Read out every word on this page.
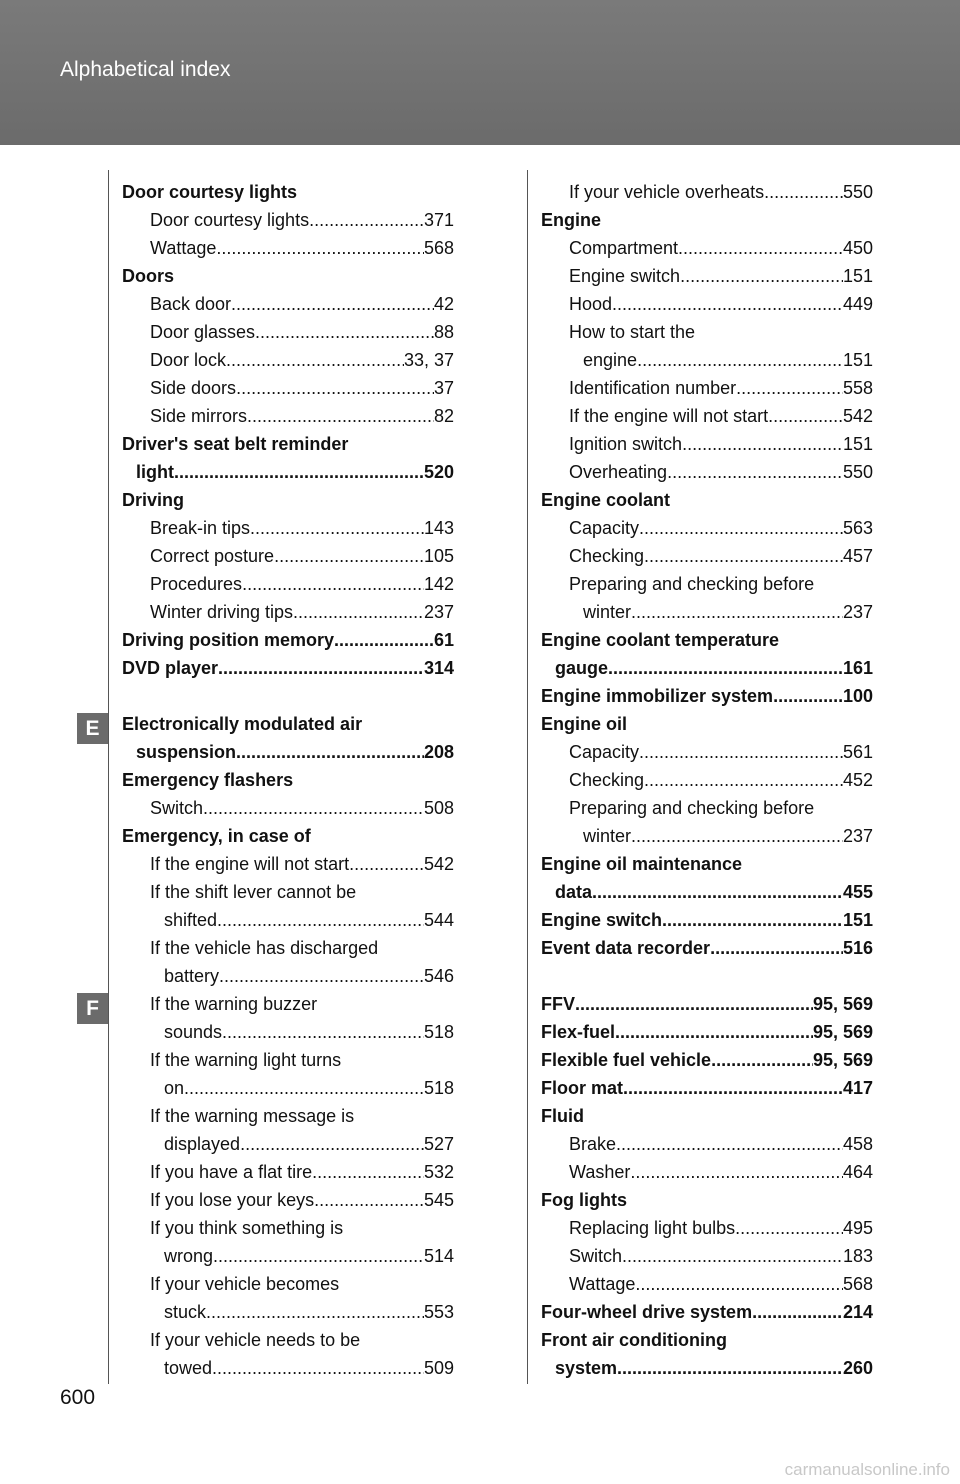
Alphabetical index
Door courtesy lights
Door courtesy lights .....	371
Wattage .....	568
Doors
Back door .....	42
Door glasses .....	88
Door lock .....	33, 37
Side doors .....	37
Side mirrors .....	82
Driver's seat belt reminder
light .....	520
Driving
Break-in tips .....	143
Correct posture .....	105
Procedures .....	142
Winter driving tips .....	237
Driving position memory .....	61
DVD player .....	314
Electronically modulated air
suspension .....	208
Emergency flashers
Switch .....	508
Emergency, in case of
If the engine will not start .....	542
If the shift lever cannot be
shifted .....	544
If the vehicle has discharged
battery .....	546
If the warning buzzer
sounds .....	518
If the warning light turns
on .....	518
If the warning message is
displayed .....	527
If you have a flat tire .....	532
If you lose your keys .....	545
If you think something is
wrong .....	514
If your vehicle becomes
stuck .....	553
If your vehicle needs to be
towed .....	509
If your vehicle overheats .....	550
Engine
Compartment .....	450
Engine switch .....	151
Hood .....	449
How to start the
engine .....	151
Identification number .....	558
If the engine will not start .....	542
Ignition switch .....	151
Overheating .....	550
Engine coolant
Capacity .....	563
Checking .....	457
Preparing and checking before
winter .....	237
Engine coolant temperature
gauge .....	161
Engine immobilizer system .....	100
Engine oil
Capacity .....	561
Checking .....	452
Preparing and checking before
winter .....	237
Engine oil maintenance
data .....	455
Engine switch .....	151
Event data recorder .....	516
FFV .....	95, 569
Flex-fuel .....	95, 569
Flexible fuel vehicle .....	95, 569
Floor mat .....	417
Fluid
Brake .....	458
Washer .....	464
Fog lights
Replacing light bulbs .....	495
Switch .....	183
Wattage .....	568
Four-wheel drive system .....	214
Front air conditioning
system .....	260
E
F
600
carmanualsonline.info
